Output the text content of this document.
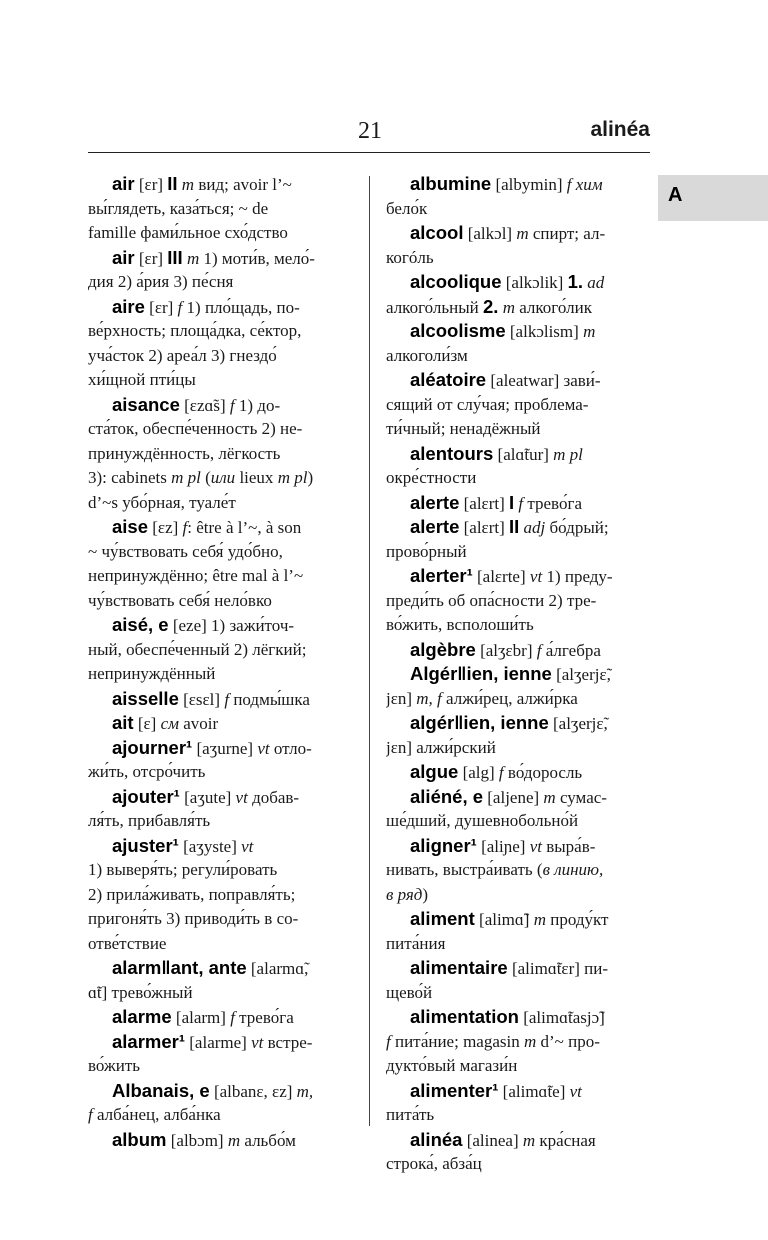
21	alinéa
A
air [ɛr] II m вид; avoir l’~
вы́глядеть, каза́ться; ~ de
famille фами́льное схо́дство
air [ɛr] III m 1) моти́в, мело́-
дия 2) а́рия 3) пе́сня
aire [ɛr] f 1) пло́щадь, по-
ве́рхность; площа́дка, се́ктор,
уча́сток 2) ареа́л 3) гнездо́
хи́щной пти́цы
aisance [ɛzɑ̃s] f 1) до-
ста́ток, обеспе́ченность 2) не-
принуждённость, лёгкость
3): cabinets m pl (или lieux m pl)
d’~s убо́рная, туале́т
aise [ɛz] f: être à l’~, à son
~ чу́вствовать себя́ удо́бно,
непринуждённо; être mal à l’~
чу́вствовать себя́ нело́вко
aisé, e [eze] 1) зажи́точ-
ный, обеспе́ченный 2) лёгкий;
непринуждённый
aisselle [ɛsɛl] f подмы́шка
ait [ɛ] см avoir
ajourner¹ [aʒurne] vt отло-
жи́ть, отсро́чить
ajouter¹ [aʒute] vt добав-
ля́ть, прибавля́ть
ajuster¹ [aʒyste] vt
1) выверя́ть; регули́ровать
2) прила́живать, поправля́ть;
пригоня́ть 3) приводи́ть в со-
отве́тствие
alarm‖ant, ante [alarmɑ̃,
ɑ̃t] трево́жный
alarme [alarm] f трево́га
alarmer¹ [alarme] vt встре-
во́жить
Albanais, e [albanɛ, ɛz] m,
f алба́нец, алба́нка
album [albɔm] m альбо́м
albumine [albymin] f хим
бело́к
alcool [alkɔl] m спирт; ал-
когóль
alcoolique [alkɔlik] 1. ad
алкого́льный 2. m алкого́лик
alcoolisme [alkɔlism] m
алкоголи́зм
aléatoire [aleatwar] зави́-
сящий от слу́чая; проблема-
ти́чный; ненадёжный
alentours [alɑ̃tur] m pl
окре́стности
alerte [alɛrt] I f трево́га
alerte [alɛrt] II adj бо́дрый;
прово́рный
alerter¹ [alɛrte] vt 1) преду-
преди́ть об опа́сности 2) тре-
во́жить, всполоши́ть
algèbre [alʒɛbr] f а́лгебра
Algér‖ien, ienne [alʒerjɛ̃,
jɛn] m, f алжи́рец, алжи́рка
algér‖ien, ienne [alʒerjɛ̃,
jɛn] алжи́рский
algue [alg] f во́доросль
aliéné, e [aljene] m сумас-
ше́дший, душевнобольно́й
aligner¹ [aliɲe] vt выра́в-
нивать, выстра́ивать (в линию,
в ряд)
aliment [alimɑ̃] m проду́кт
пита́ния
alimentaire [alimɑ̃tɛr] пи-
щево́й
alimentation [alimɑ̃tasjɔ̃]
f пита́ние; magasin m d’~ про-
дукто́вый магази́н
alimenter¹ [alimɑ̃te] vt
пита́ть
alinéa [alinea] m кра́сная
строка́, абза́ц
